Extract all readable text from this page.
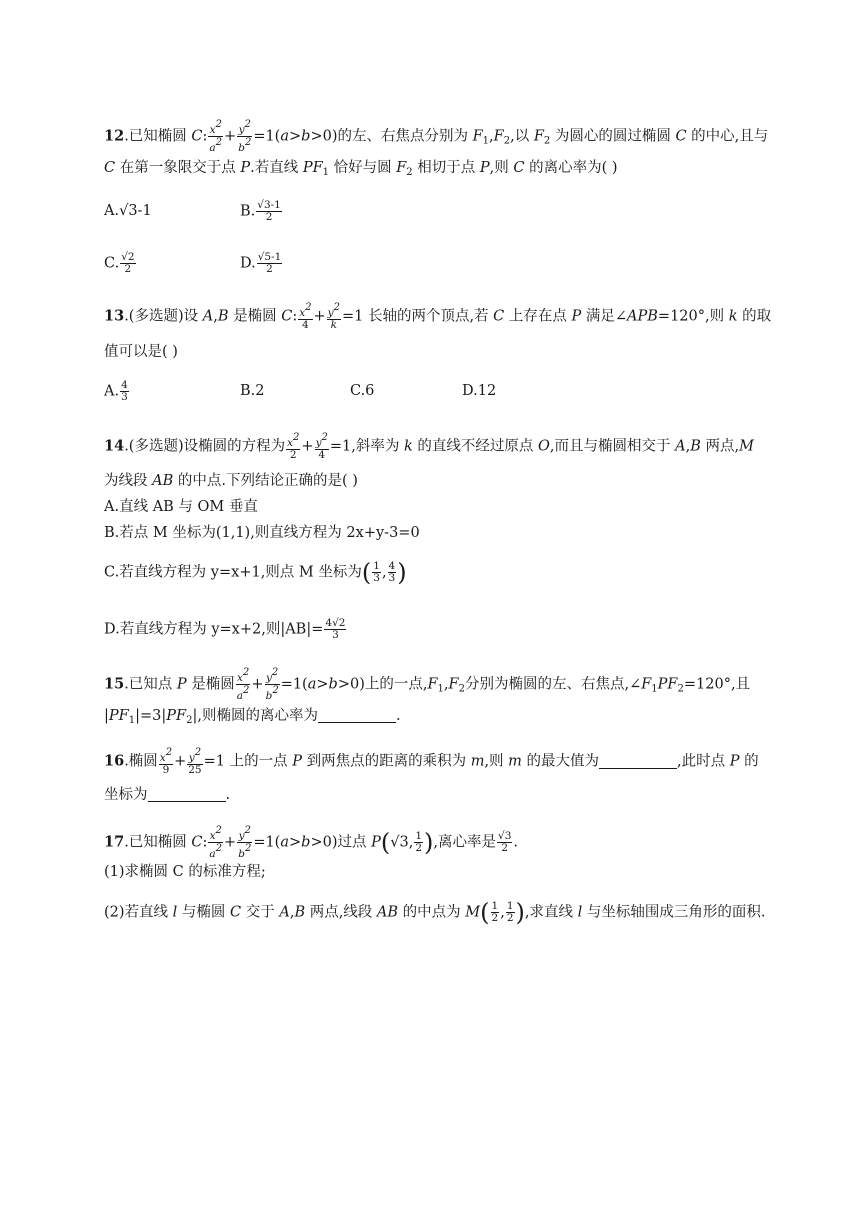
12.已知椭圆 C: $\frac{x2}{a2} + \frac{y2}{b2} =1(a>b>0)$的左、右焦点分别为 $F_1,F_2$,以 $F_2$ 为圆心的圆过椭圆 C 的中心,且与
C 在第一象限交于点 P.若直线 $PF_1$ 恰好与圆 $F_2$ 相切于点 P,则 C 的离心率为( )
A.√3-1	B. $\frac{√3-1}{2}$
C. $\frac{√2}{2}$	D. $\frac{√5-1}{2}$
13.(多选题)设 A,B 是椭圆 C: $\frac{x2}{4} + \frac{y2}{k} =1$ 长轴的两个顶点,若 C 上存在点 P 满足∠APB=120°,则 k 的取
值可以是( )
A. $\frac{4}{3}$	B.2	C.6	D.12
14.(多选题)设椭圆的方程为 $\frac{x2}{2} + \frac{y2}{4} =1$,斜率为 k 的直线不经过原点 O,而且与椭圆相交于 A,B 两点,M
为线段 AB 的中点.下列结论正确的是( )
A.直线 AB 与 OM 垂直
B.若点 M 坐标为(1,1),则直线方程为 2x+y-3=0
C.若直线方程为 y=x+1,则点 M 坐标为( $\frac{1}{3}$ , $\frac{4}{3}$ )
D.若直线方程为 y=x+2,则$|AB|= \frac{4√2}{3}$
15.已知点 P 是椭圆 $\frac{x2}{a2} + \frac{y2}{b2} =1(a>b>0)$上的一点$,F_1,F_2$分别为椭圆的左、右焦点$,\angle F_1PF_2=120^\circ$,且
$|PF_1|=3|PF_2|$,则椭圆的离心率为	.
16.椭圆 $\frac{x2}{9} + \frac{y2}{25} =1$ 上的一点 P 到两焦点的距离的乘积为 m,则 m 的最大值为	,此时点 P 的
坐标为	.
17.已知椭圆 C: $\frac{x2}{a2} + \frac{y2}{b2} =1(a>b>0)$过点 P(√3, $\frac{1}{2}$ ),离心率是 $\frac{√3}{2}$ .
(1)求椭圆 C 的标准方程;
(2)若直线 l 与椭圆 C 交于 A,B 两点,线段 AB 的中点为 $M( \frac{1}{2}$ , $\frac{1}{2}$ ),求直线 l 与坐标轴围成三角形的面积.
